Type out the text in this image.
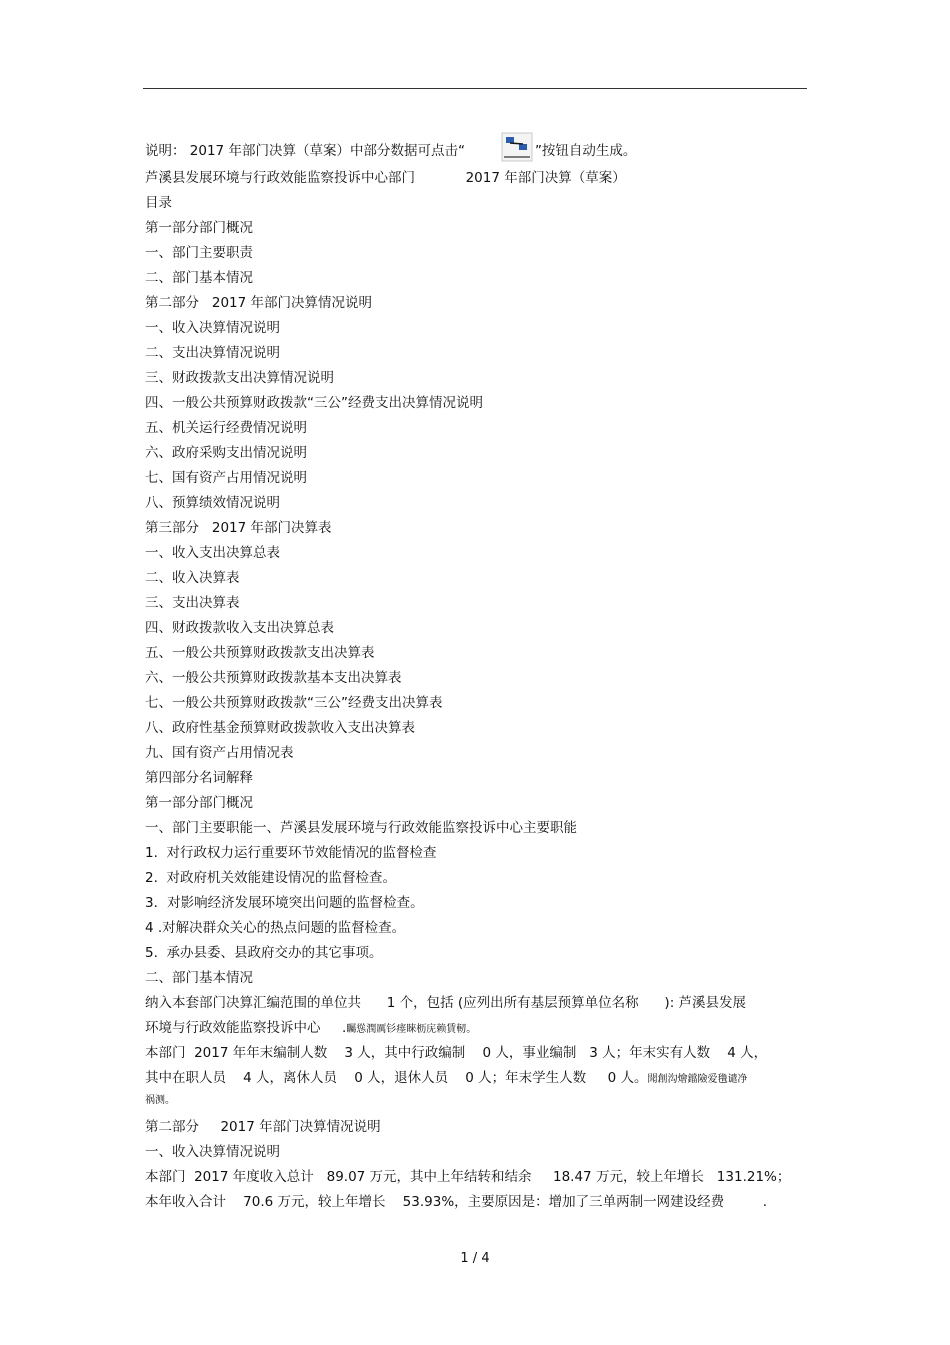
说明： 2017 年部门决算（草案）中部分数据可点击“	”按钮自动生成。
芦溪县发展环境与行政效能监察投诉中心部门	2017 年部门决算（草案）
目录
第一部分部门概况
一、部门主要职责
二、部门基本情况
第二部分   2017 年部门决算情况说明
一、收入决算情况说明
二、支出决算情况说明
三、财政拨款支出决算情况说明
四、一般公共预算财政拨款“三公”经费支出决算情况说明
五、机关运行经费情况说明
六、政府采购支出情况说明
七、国有资产占用情况说明
八、预算绩效情况说明
第三部分   2017 年部门决算表
一、收入支出决算总表
二、收入决算表
三、支出决算表
四、财政拨款收入支出决算总表
五、一般公共预算财政拨款支出决算表
六、一般公共预算财政拨款基本支出决算表
七、一般公共预算财政拨款“三公”经费支出决算表
八、政府性基金预算财政拨款收入支出决算表
九、国有资产占用情况表
第四部分名词解释
第一部分部门概况
一、部门主要职能一、芦溪县发展环境与行政效能监察投诉中心主要职能
1.  对行政权力运行重要环节效能情况的监督检查
2.  对政府机关效能建设情况的监督检查。
3．对影响经济发展环境突出问题的监督检查。
4 .对解决群众关心的热点问题的监督检查。
5.  承办县委、县政府交办的其它事项。
二、部门基本情况
纳入本套部门决算汇编范围的单位共      1 个，包括 (应列出所有基层预算单位名称      ): 芦溪县发展
环境与行政效能监察投诉中心     .矚慫潤厲钐瘗睞枥庑赖賃軔。
本部门  2017 年年末编制人数    3 人，其中行政编制    0 人，事业编制   3 人；年末实有人数    4 人，
其中在职人员    4 人，离休人员    0 人，退休人员    0 人；年末学生人数     0 人。聞創沟燴鐺險爱氇谴净
祸测。
第二部分     2017 年部门决算情况说明
一、收入决算情况说明
本部门  2017 年度收入总计   89.07 万元，其中上年结转和结余     18.47 万元，较上年增长   131.21%；
本年收入合计    70.6 万元，较上年增长    53.93%，主要原因是：增加了三单两制一网建设经费         .
1 / 4
